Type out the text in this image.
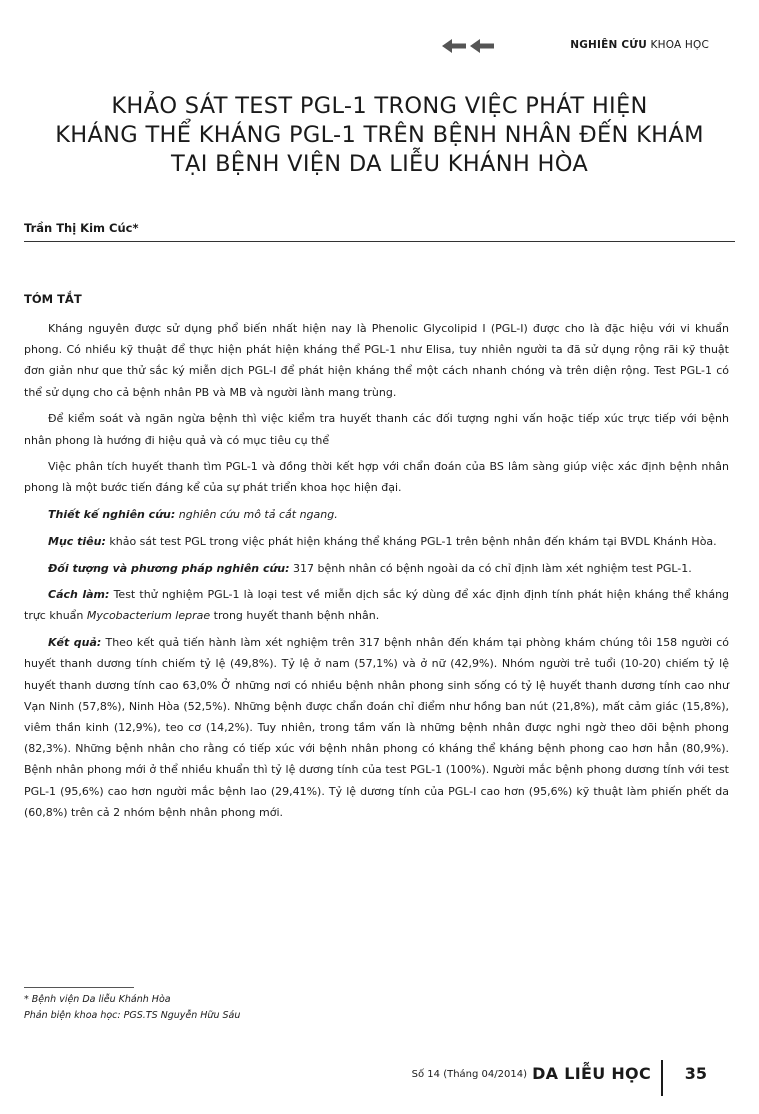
NGHIÊN CỨU KHOA HỌC
KHẢO SÁT TEST PGL-1 TRONG VIỆC PHÁT HIỆN
KHÁNG THỂ KHÁNG PGL-1 TRÊN BỆNH NHÂN ĐẾN KHÁM
TẠI BỆNH VIỆN DA LIỄU KHÁNH HÒA
Trần Thị Kim Cúc*
TÓM TẮT

Kháng nguyên được sử dụng phổ biến nhất hiện nay là Phenolic Glycolipid I (PGL-I) được cho là đặc hiệu với vi khuẩn phong. Có nhiều kỹ thuật để thực hiện phát hiện kháng thể PGL-1 như Elisa, tuy nhiên người ta đã sử dụng rộng rãi kỹ thuật đơn giản như que thử sắc ký miễn dịch PGL-I để phát hiện kháng thể một cách nhanh chóng và trên diện rộng. Test PGL-1 có thể sử dụng cho cả bệnh nhân PB và MB và người lành mang trùng.

Để kiểm soát và ngăn ngừa bệnh thì việc kiểm tra huyết thanh các đối tượng nghi vấn hoặc tiếp xúc trực tiếp với bệnh nhân phong là hướng đi hiệu quả và có mục tiêu cụ thể

Việc phân tích huyết thanh tìm PGL-1 và đồng thời kết hợp với chẩn đoán của BS lâm sàng giúp việc xác định bệnh nhân phong là một bước tiến đáng kể của sự phát triển khoa học hiện đại.

Thiết kế nghiên cứu: nghiên cứu mô tả cắt ngang.

Mục tiêu: khảo sát test PGL trong việc phát hiện kháng thể kháng PGL-1 trên bệnh nhân đến khám tại BVDL Khánh Hòa.

Đối tượng và phương pháp nghiên cứu: 317 bệnh nhân có bệnh ngoài da có chỉ định làm xét nghiệm test PGL-1.

Cách làm: Test thử nghiệm PGL-1 là loại test về miễn dịch sắc ký dùng để xác định định tính phát hiện kháng thể kháng trực khuẩn Mycobacterium leprae trong huyết thanh bệnh nhân.

Kết quả: Theo kết quả tiến hành làm xét nghiệm trên 317 bệnh nhân đến khám tại phòng khám chúng tôi 158 người có huyết thanh dương tính chiếm tỷ lệ (49,8%). Tỷ lệ ở nam (57,1%) và ở nữ (42,9%). Nhóm người trẻ tuổi (10-20) chiếm tỷ lệ huyết thanh dương tính cao 63,0% Ở những nơi có nhiều bệnh nhân phong sinh sống có tỷ lệ huyết thanh dương tính cao như Vạn Ninh (57,8%), Ninh Hòa (52,5%). Những bệnh được chẩn đoán chỉ điểm như hồng ban nút (21,8%), mất cảm giác (15,8%), viêm thần kinh (12,9%), teo cơ (14,2%). Tuy nhiên, trong tầm vấn là những bệnh nhân được nghi ngờ theo dõi bệnh phong (82,3%). Những bệnh nhân cho rằng có tiếp xúc với bệnh nhân phong có kháng thể kháng bệnh phong cao hơn hẳn (80,9%). Bệnh nhân phong mới ở thể nhiều khuẩn thì tỷ lệ dương tính của test PGL-1 (100%). Người mắc bệnh phong dương tính với test PGL-1 (95,6%) cao hơn người mắc bệnh lao (29,41%). Tỷ lệ dương tính của PGL-I cao hơn (95,6%) kỹ thuật làm phiến phết da (60,8%) trên cả 2 nhóm bệnh nhân phong mới.

* Bệnh viện Da liễu Khánh Hòa
Phản biện khoa học: PGS.TS Nguyễn Hữu Sáu
Số 14 (Tháng 04/2014) DA LIỄU HỌC 35
